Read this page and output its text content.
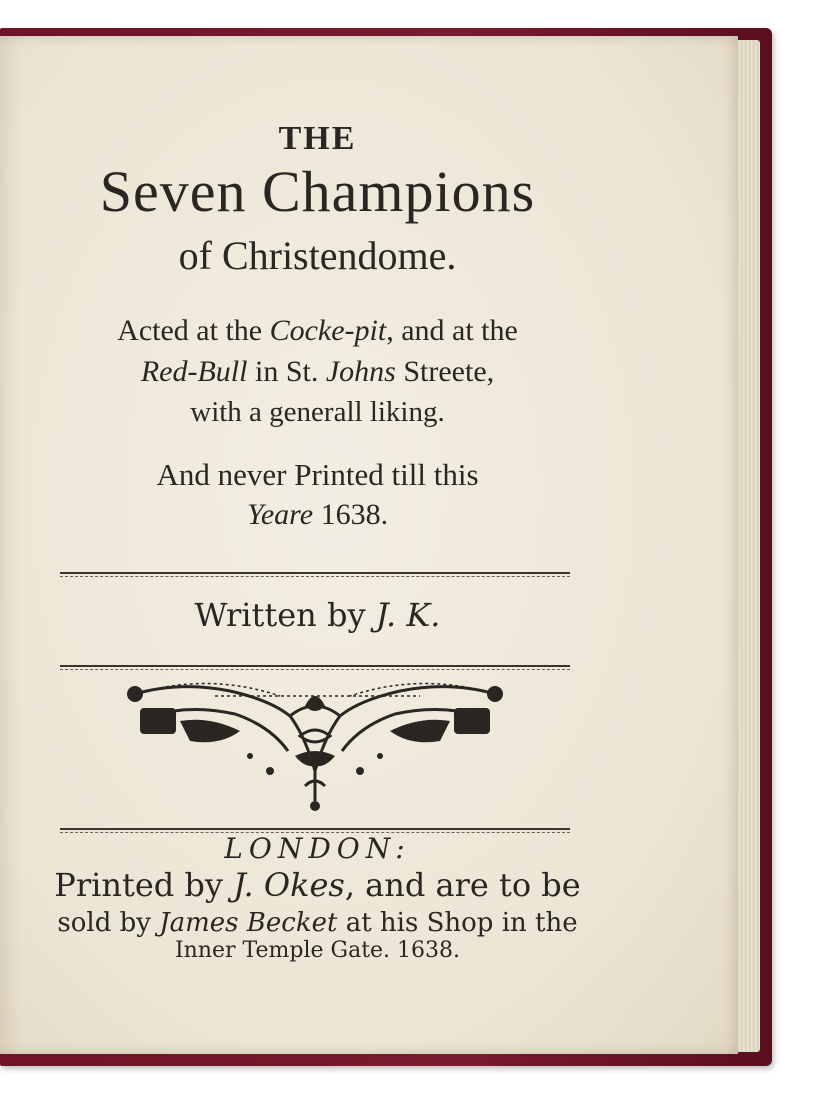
THE
Seven Champions
of Christendome.
Acted at the Cocke-pit, and at the
Red-Bull in St. Johns Streete,
with a generall liking.
And never Printed till this
Yeare 1638.
Written by J. K.
LONDON:
Printed by J. Okes, and are to be
sold by James Becket at his Shop in the
Inner Temple Gate. 1638.
